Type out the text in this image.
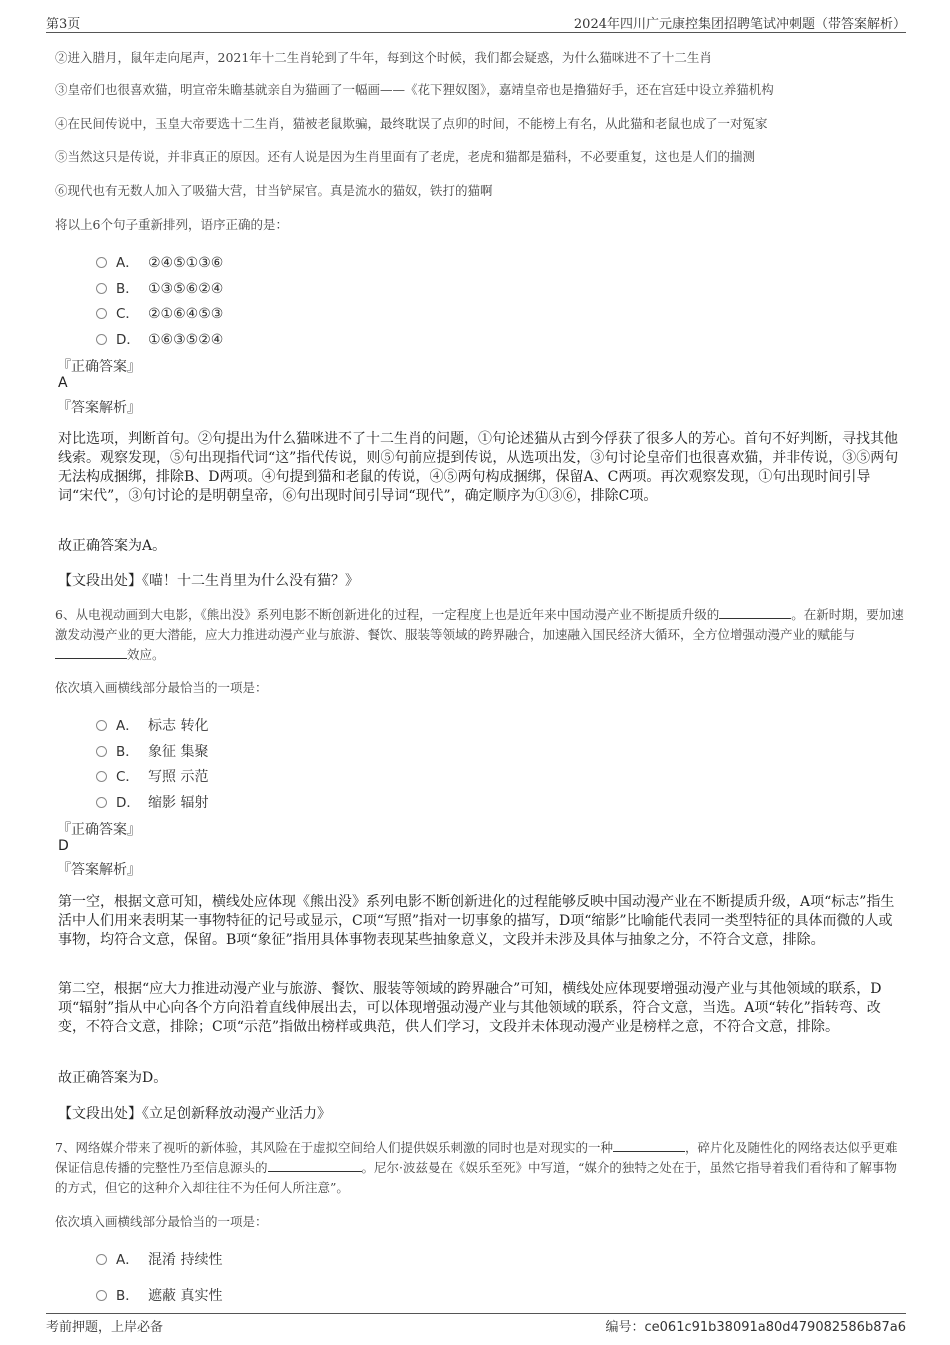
第3页	2024年四川广元康控集团招聘笔试冲刺题（带答案解析）
②进入腊月，鼠年走向尾声，2021年十二生肖轮到了牛年，每到这个时候，我们都会疑惑，为什么猫咪进不了十二生肖
③皇帝们也很喜欢猫，明宣帝朱瞻基就亲自为猫画了一幅画——《花下狸奴图》，嘉靖皇帝也是撸猫好手，还在宫廷中设立养猫机构
④在民间传说中，玉皇大帝要选十二生肖，猫被老鼠欺骗，最终耽误了点卯的时间，不能榜上有名，从此猫和老鼠也成了一对冤家
⑤当然这只是传说，并非真正的原因。还有人说是因为生肖里面有了老虎，老虎和猫都是猫科，不必要重复，这也是人们的揣测
⑥现代也有无数人加入了吸猫大营，甘当铲屎官。真是流水的猫奴，铁打的猫啊
将以上6个句子重新排列，语序正确的是：
A． ②④⑤①③⑥
B． ①③⑤⑥②④
C． ②①⑥④⑤③
D． ①⑥③⑤②④
『正确答案』
A
『答案解析』
对比选项，判断首句。②句提出为什么猫咪进不了十二生肖的问题，①句论述猫从古到今俘获了很多人的芳心。首句不好判断，寻找其他线索。观察发现，⑤句出现指代词“这”指代传说，则⑤句前应提到传说，从选项出发，③句讨论皇帝们也很喜欢猫，并非传说，③⑤两句无法构成捆绑，排除B、D两项。④句提到猫和老鼠的传说，④⑤两句构成捆绑，保留A、C两项。再次观察发现，①句出现时间引导词“宋代”，③句讨论的是明朝皇帝，⑥句出现时间引导词“现代”，确定顺序为①③⑥，排除C项。
故正确答案为A。
【文段出处】《喵！十二生肖里为什么没有猫？》
6、从电视动画到大电影，《熊出没》系列电影不断创新进化的过程，一定程度上也是近年来中国动漫产业不断提质升级的	。在新时期，要加速激发动漫产业的更大潜能，应大力推进动漫产业与旅游、餐饮、服装等领域的跨界融合，加速融入国民经济大循环，全方位增强动漫产业的赋能与效应。
依次填入画横线部分最恰当的一项是：
A． 标志 转化
B． 象征 集聚
C． 写照 示范
D． 缩影 辐射
『正确答案』
D
『答案解析』
第一空，根据文意可知，横线处应体现《熊出没》系列电影不断创新进化的过程能够反映中国动漫产业在不断提质升级，A项“标志”指生活中人们用来表明某一事物特征的记号或显示，C项“写照”指对一切事象的描写，D项“缩影”比喻能代表同一类型特征的具体而微的人或事物，均符合文意，保留。B项“象征”指用具体事物表现某些抽象意义，文段并未涉及具体与抽象之分，不符合文意，排除。
第二空，根据“应大力推进动漫产业与旅游、餐饮、服装等领域的跨界融合”可知，横线处应体现要增强动漫产业与其他领域的联系，D项“辐射”指从中心向各个方向沿着直线伸展出去，可以体现增强动漫产业与其他领域的联系，符合文意，当选。A项“转化”指转弯、改变，不符合文意，排除；C项“示范”指做出榜样或典范，供人们学习，文段并未体现动漫产业是榜样之意，不符合文意，排除。
故正确答案为D。
【文段出处】《立足创新释放动漫产业活力》
7、网络媒介带来了视听的新体验，其风险在于虚拟空间给人们提供娱乐刺激的同时也是对现实的一种	，碎片化及随性化的网络表达似乎更难保证信息传播的完整性乃至信息源头的	。尼尔·波兹曼在《娱乐至死》中写道，“媒介的独特之处在于，虽然它指导着我们看待和了解事物的方式，但它的这种介入却往往不为任何人所注意”。
依次填入画横线部分最恰当的一项是：
A． 混淆 持续性
B． 遮蔽 真实性
考前押题，上岸必备	编号：ce061c91b38091a80d479082586b87a6
